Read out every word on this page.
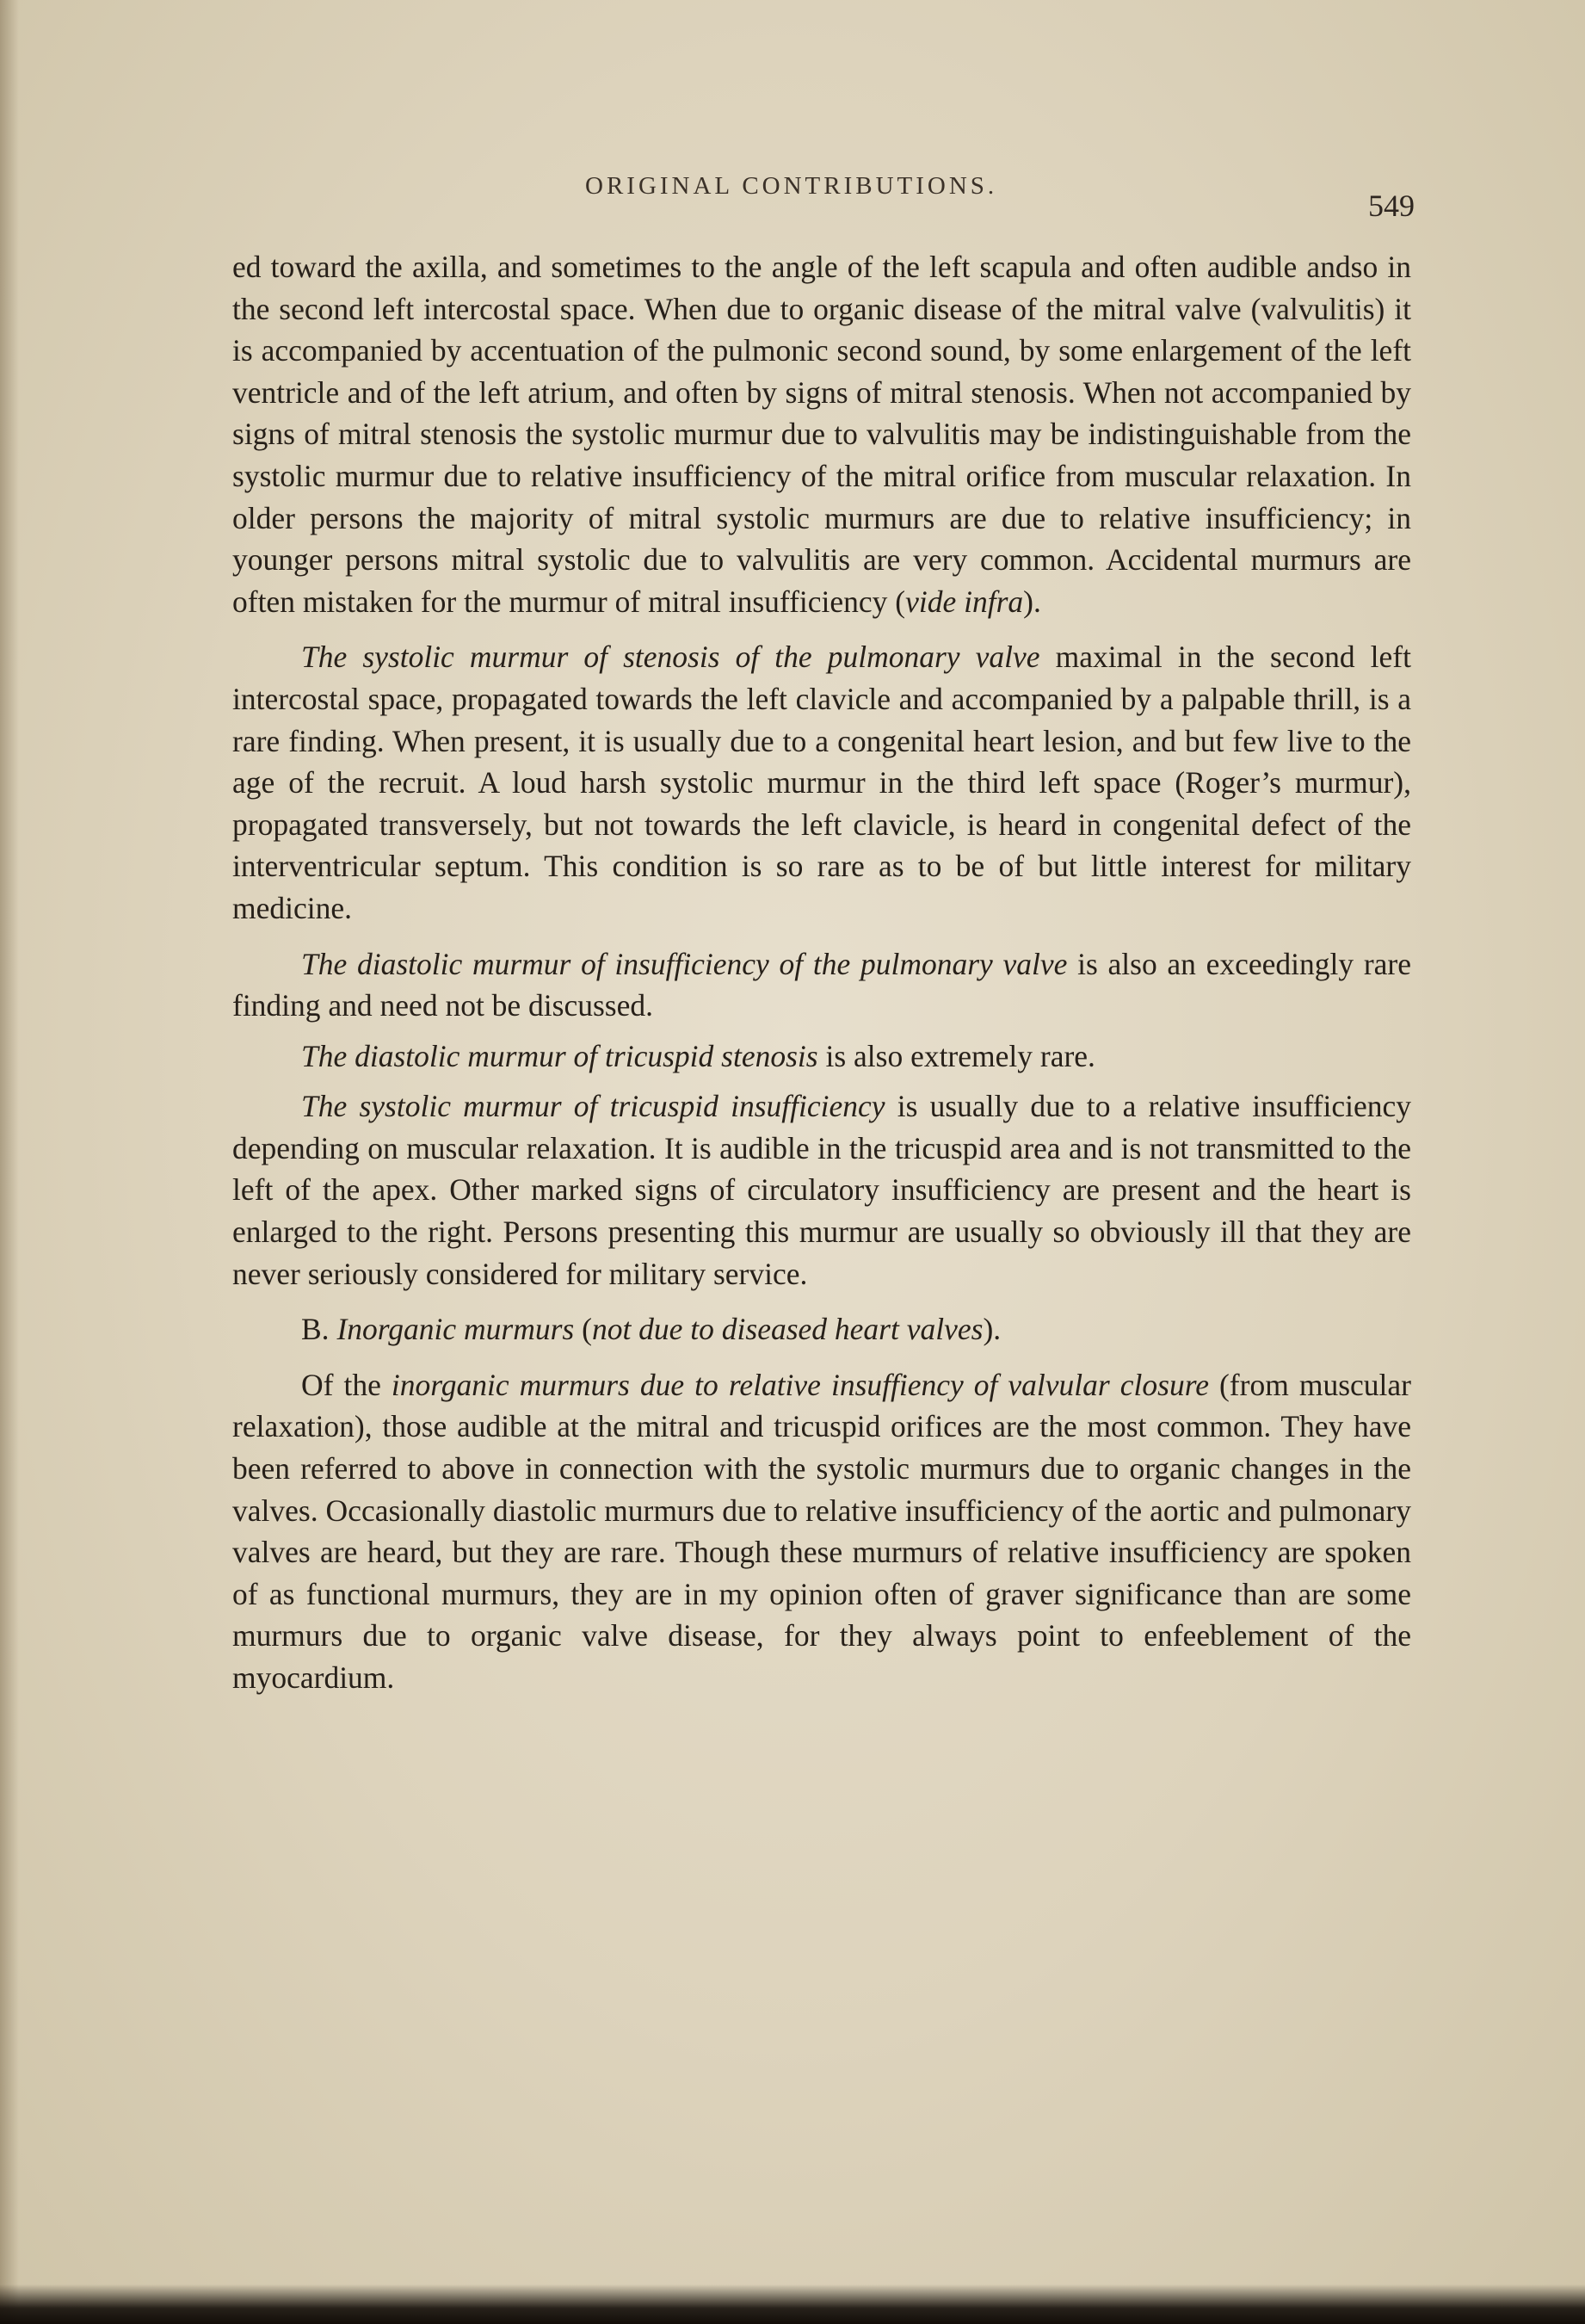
ORIGINAL CONTRIBUTIONS.
549

ed toward the axilla, and sometimes to the angle of the left scapula and often audible andso in the second left intercostal space. When due to organic disease of the mitral valve (valvulitis) it is accompanied by accentuation of the pulmonic second sound, by some enlargement of the left ventricle and of the left atrium, and often by signs of mitral stenosis. When not accompanied by signs of mitral stenosis the systolic murmur due to valvulitis may be indistinguishable from the systolic murmur due to relative insufficiency of the mitral orifice from muscular relaxation. In older persons the majority of mitral systolic murmurs are due to relative insufficiency; in younger persons mitral systolic due to valvulitis are very common. Accidental murmurs are often mistaken for the murmur of mitral insufficiency (vide infra).

The systolic murmur of stenosis of the pulmonary valve maximal in the second left intercostal space, propagated towards the left clavicle and accompanied by a palpable thrill, is a rare finding. When present, it is usually due to a congenital heart lesion, and but few live to the age of the recruit. A loud harsh systolic murmur in the third left space (Roger’s murmur), propagated transversely, but not towards the left clavicle, is heard in congenital defect of the interventricular septum. This condition is so rare as to be of but little interest for military medicine.

The diastolic murmur of insufficiency of the pulmonary valve is also an exceedingly rare finding and need not be discussed.

The diastolic murmur of tricuspid stenosis is also extremely rare.

The systolic murmur of tricuspid insufficiency is usually due to a relative insufficiency depending on muscular relaxation. It is audible in the tricuspid area and is not transmitted to the left of the apex. Other marked signs of circulatory insufficiency are present and the heart is enlarged to the right. Persons presenting this murmur are usually so obviously ill that they are never seriously considered for military service.

B. Inorganic murmurs (not due to diseased heart valves).

Of the inorganic murmurs due to relative insuffiency of valvular closure (from muscular relaxation), those audible at the mitral and tricuspid orifices are the most common. They have been referred to above in connection with the systolic murmurs due to organic changes in the valves. Occasionally diastolic murmurs due to relative insufficiency of the aortic and pulmonary valves are heard, but they are rare. Though these murmurs of relative insufficiency are spoken of as functional murmurs, they are in my opinion often of graver significance than are some murmurs due to organic valve disease, for they always point to enfeeblement of the myocardium.
